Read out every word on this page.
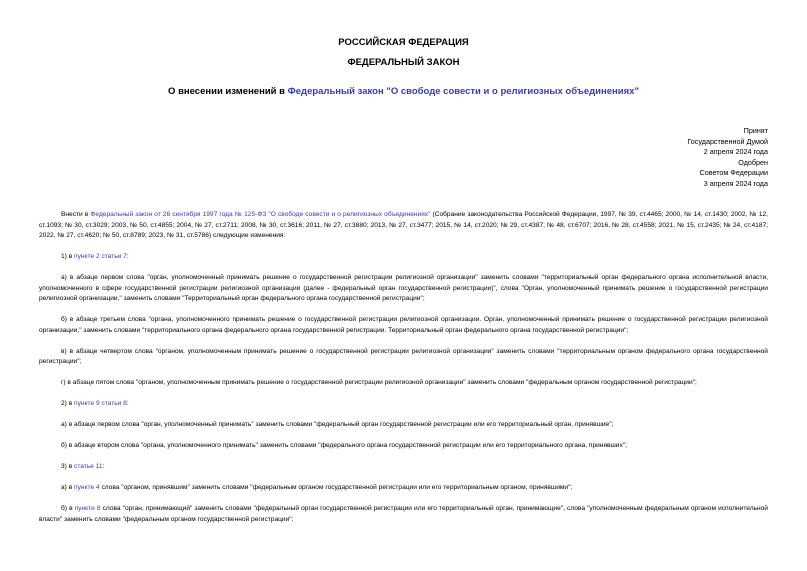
РОССИЙСКАЯ ФЕДЕРАЦИЯ
ФЕДЕРАЛЬНЫЙ ЗАКОН
О внесении изменений в Федеральный закон "О свободе совести и о религиозных объединениях"
Принят
Государственной Думой
2 апреля 2024 года
Одобрен
Советом Федерации
3 апреля 2024 года

Внести в Федеральный закон от 26 сентября 1997 года № 125-ФЗ "О свободе совести и о религиозных объединениях" (Собрание законодательства Российской Федерации, 1997, № 39, ст.4465; 2000, № 14, ст.1430; 2002, № 12, ст.1093; № 30, ст.3029; 2003, № 50, ст.4855; 2004, № 27, ст.2711; 2008, № 30, ст.3616; 2011, № 27, ст.3880; 2013, № 27, ст.3477; 2015, № 14, ст.2020; № 29, ст.4387; № 48, ст.6707; 2016, № 28, ст.4558; 2021, № 15, ст.2435; № 24, ст.4187; 2022, № 27, ст.4620; № 50, ст.8789; 2023, № 31, ст.5786) следующие изменения:

1) в пункте 2 статьи 7:

а) в абзаце первом слова "орган, уполномоченный принимать решение о государственной регистрации религиозной организации" заменить словами "территориальный орган федерального органа исполнительной власти, уполномоченного в сфере государственной регистрации религиозной организации (далее - федеральный орган государственной регистрации)", слова "Орган, уполномоченный принимать решение о государственной регистрации религиозной организации," заменить словами "Территориальный орган федерального органа государственной регистрации";

б) в абзаце третьем слова "органа, уполномоченного принимать решение о государственной регистрации религиозной организации. Орган, уполномоченный принимать решение о государственной регистрации религиозной организации," заменить словами "территориального органа федерального органа государственной регистрации. Территориальный орган федерального органа государственной регистрации";

в) в абзаце четвертом слова "органом, уполномоченным принимать решение о государственной регистрации религиозной организации" заменить словами "территориальным органом федерального органа государственной регистрации";

г) в абзаце пятом слова "органом, уполномоченным принимать решение о государственной регистрации религиозной организации" заменить словами "федеральным органом государственной регистрации";

2) в пункте 9 статьи 8:

а) в абзаце первом слова "орган, уполномоченный принимать" заменить словами "федеральный орган государственной регистрации или его территориальный орган, принявшие";

б) в абзаце втором слова "органа, уполномоченного принимать" заменить словами "федерального органа государственной регистрации или его территориального органа, принявших";

3) в статье 11:

а) в пункте 4 слова "органом, принявшим" заменить словами "федеральным органом государственной регистрации или его территориальным органом, принявшими";

б) в пункте 8 слова "орган, принимающий" заменить словами "федеральный орган государственной регистрации или его территориальный орган, принимающие", слова "уполномоченным федеральным органом исполнительной власти" заменить словами "федеральным органом государственной регистрации";
